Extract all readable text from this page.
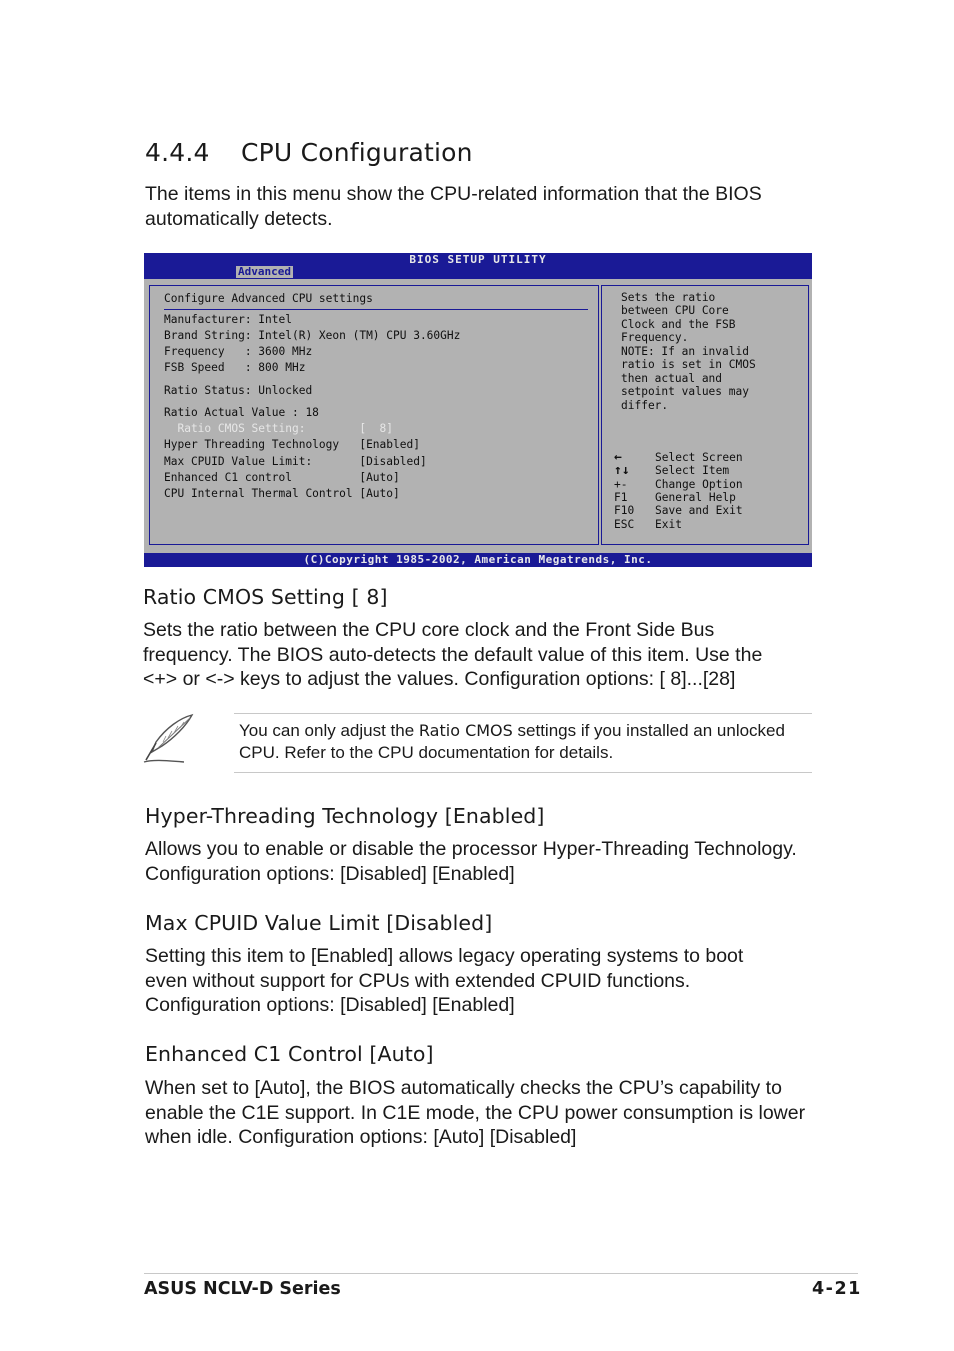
4.4.4 CPU Configuration
The items in this menu show the CPU-related information that the BIOS
automatically detects.
BIOS SETUP UTILITY
Advanced
Configure Advanced CPU settings
Manufacturer: Intel
Brand String: Intel(R) Xeon (TM) CPU 3.60GHz
Frequency   : 3600 MHz
FSB Speed   : 800 MHz
Ratio Status: Unlocked
Ratio Actual Value : 18
Ratio CMOS Setting:        [  8]
Hyper Threading Technology   [Enabled]
Max CPUID Value Limit:       [Disabled]
Enhanced C1 control          [Auto]
CPU Internal Thermal Control [Auto]
Sets the ratio
between CPU Core
Clock and the FSB
Frequency.
NOTE: If an invalid
ratio is set in CMOS
then actual and
setpoint values may
differ.
←	Select Screen
↑↓ Select Item
+- Change Option
F1 General Help
F10 Save and Exit
ESC Exit
(C)Copyright 1985-2002, American Megatrends, Inc.
Ratio CMOS Setting [ 8]
Sets the ratio between the CPU core clock and the Front Side Bus
frequency. The BIOS auto-detects the default value of this item. Use the
<+> or <-> keys to adjust the values. Configuration options: [ 8]...[28]
You can only adjust the Ratio CMOS settings if you installed an unlocked
CPU. Refer to the CPU documentation for details.
Hyper-Threading Technology [Enabled]
Allows you to enable or disable the processor Hyper-Threading Technology.
Configuration options: [Disabled] [Enabled]
Max CPUID Value Limit [Disabled]
Setting this item to [Enabled] allows legacy operating systems to boot
even without support for CPUs with extended CPUID functions.
Configuration options: [Disabled] [Enabled]
Enhanced C1 Control [Auto]
When set to [Auto], the BIOS automatically checks the CPU’s capability to
enable the C1E support. In C1E mode, the CPU power consumption is lower
when idle. Configuration options: [Auto] [Disabled]
ASUS NCLV-D Series	4-21
